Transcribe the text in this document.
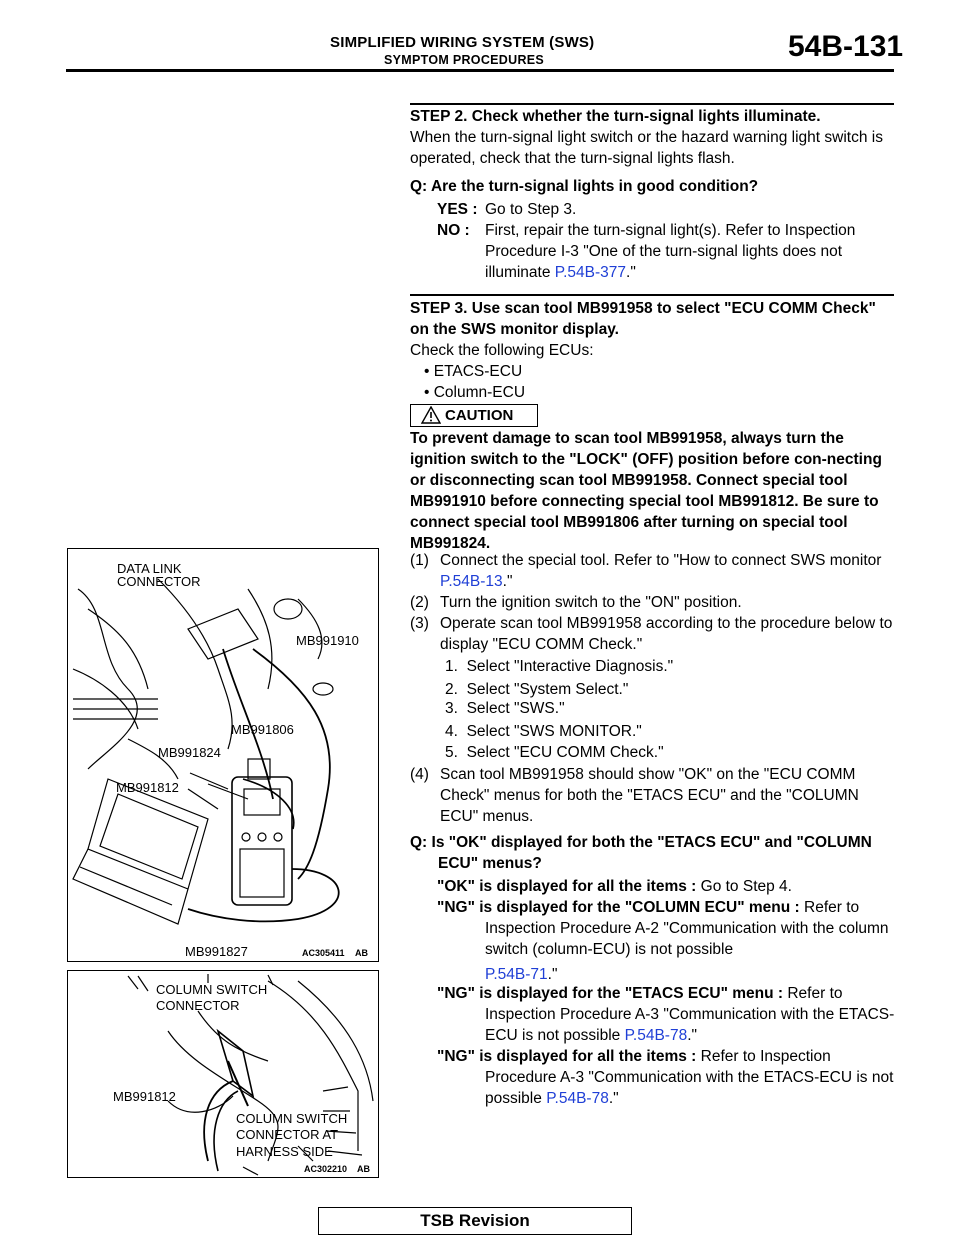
SIMPLIFIED WIRING SYSTEM (SWS)
SYMPTOM PROCEDURES	54B-131
STEP 2. Check whether the turn-signal lights illuminate.
When the turn-signal light switch or the hazard warning light switch is operated, check that the turn-signal lights flash.
Q: Are the turn-signal lights in good condition?
YES : Go to Step 3.
NO : First, repair the turn-signal light(s). Refer to Inspection Procedure I-3 "One of the turn-signal lights does not illuminate P.54B-377."
STEP 3. Use scan tool MB991958 to select "ECU COMM Check" on the SWS monitor display.
Check the following ECUs:
• ETACS-ECU
• Column-ECU
CAUTION
To prevent damage to scan tool MB991958, always turn the ignition switch to the "LOCK" (OFF) position before con-necting or disconnecting scan tool MB991958. Connect special tool MB991910 before connecting special tool MB991812. Be sure to connect special tool MB991806 after turning on special tool MB991824.
(1) Connect the special tool. Refer to "How to connect SWS monitor P.54B-13."
(2) Turn the ignition switch to the "ON" position.
(3) Operate scan tool MB991958 according to the procedure below to display "ECU COMM Check."
1. Select "Interactive Diagnosis."
2. Select "System Select."
3. Select "SWS."
4. Select "SWS MONITOR."
5. Select "ECU COMM Check."
(4) Scan tool MB991958 should show "OK" on the "ECU COMM Check" menus for both the "ETACS ECU" and the "COLUMN ECU" menus.
Q: Is "OK" displayed for both the "ETACS ECU" and "COLUMN ECU" menus?
"OK" is displayed for all the items : Go to Step 4.
"NG" is displayed for the "COLUMN ECU" menu : Refer to Inspection Procedure A-2 "Communication with the column switch (column-ECU) is not possible
P.54B-71."
"NG" is displayed for the "ETACS ECU" menu : Refer to Inspection Procedure A-3 "Communication with the ETACS-ECU is not possible P.54B-78."
"NG" is displayed for all the items : Refer to Inspection Procedure A-3 "Communication with the ETACS-ECU is not possible P.54B-78."
DATA LINK
CONNECTOR
MB991910
MB991806
MB991824
MB991812
MB991827	AC305411 AB
COLUMN SWITCH
CONNECTOR
MB991812
COLUMN SWITCH
CONNECTOR AT
HARNESS SIDE
AC302210 AB
TSB Revision
